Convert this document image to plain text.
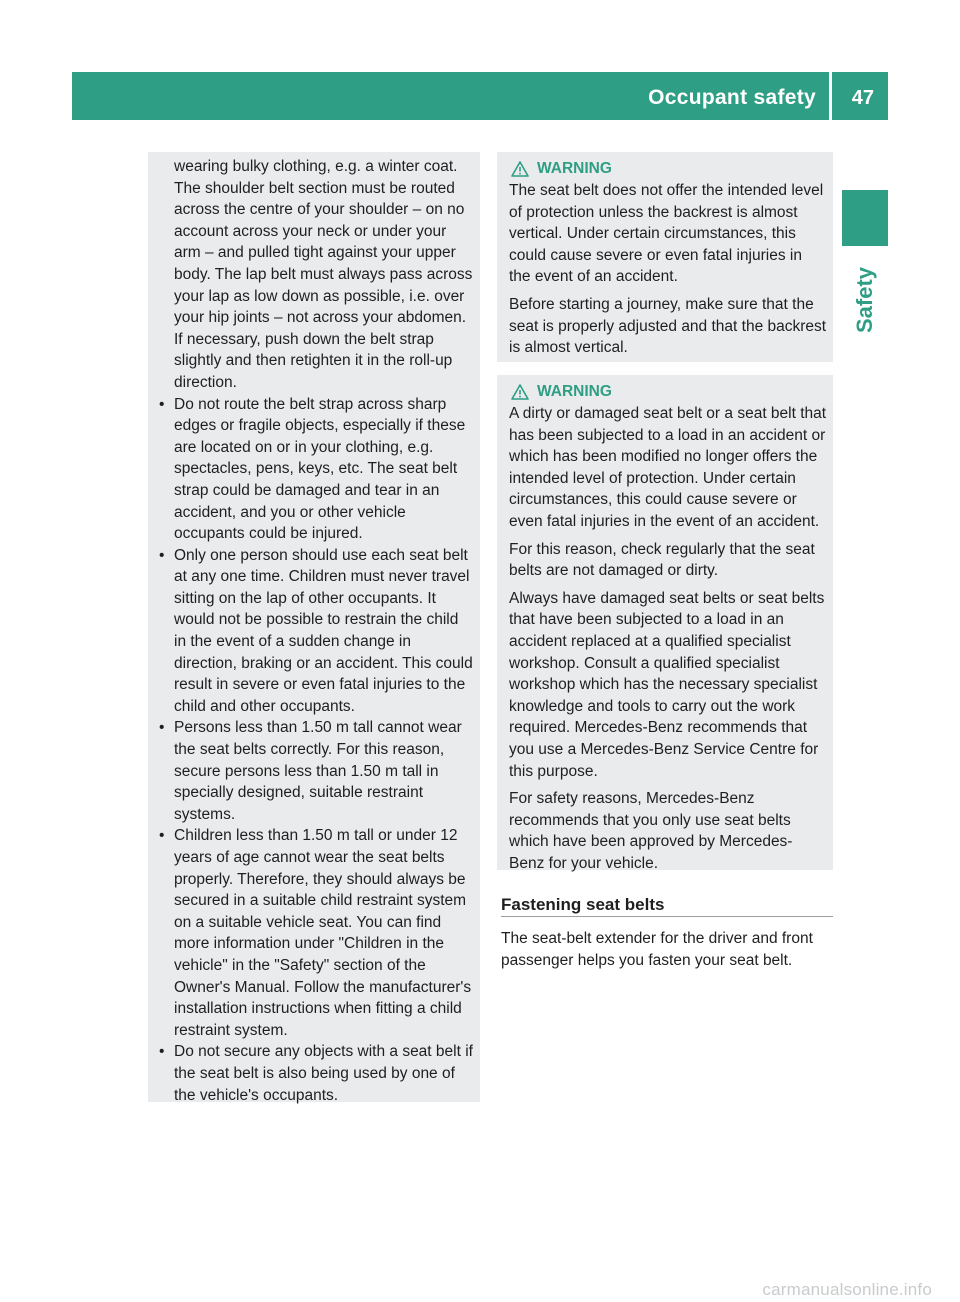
Occupant safety 47
Safety

wearing bulky clothing, e.g. a winter coat. The shoulder belt section must be routed across the centre of your shoulder – on no account across your neck or under your arm – and pulled tight against your upper body. The lap belt must always pass across your lap as low down as possible, i.e. over your hip joints – not across your abdomen. If necessary, push down the belt strap slightly and then retighten it in the roll-up direction.

• Do not route the belt strap across sharp edges or fragile objects, especially if these are located on or in your clothing, e.g. spectacles, pens, keys, etc. The seat belt strap could be damaged and tear in an accident, and you or other vehicle occupants could be injured.

• Only one person should use each seat belt at any one time. Children must never travel sitting on the lap of other occupants. It would not be possible to restrain the child in the event of a sudden change in direction, braking or an accident. This could result in severe or even fatal injuries to the child and other occupants.

• Persons less than 1.50 m tall cannot wear the seat belts correctly. For this reason, secure persons less than 1.50 m tall in specially designed, suitable restraint systems.

• Children less than 1.50 m tall or under 12 years of age cannot wear the seat belts properly. Therefore, they should always be secured in a suitable child restraint system on a suitable vehicle seat. You can find more information under "Children in the vehicle" in the "Safety" section of the Owner's Manual. Follow the manufacturer's installation instructions when fitting a child restraint system.

• Do not secure any objects with a seat belt if the seat belt is also being used by one of the vehicle's occupants.

WARNING

The seat belt does not offer the intended level of protection unless the backrest is almost vertical. Under certain circumstances, this could cause severe or even fatal injuries in the event of an accident.

Before starting a journey, make sure that the seat is properly adjusted and that the backrest is almost vertical.

WARNING

A dirty or damaged seat belt or a seat belt that has been subjected to a load in an accident or which has been modified no longer offers the intended level of protection. Under certain circumstances, this could cause severe or even fatal injuries in the event of an accident.

For this reason, check regularly that the seat belts are not damaged or dirty.

Always have damaged seat belts or seat belts that have been subjected to a load in an accident replaced at a qualified specialist workshop. Consult a qualified specialist workshop which has the necessary specialist knowledge and tools to carry out the work required. Mercedes-Benz recommends that you use a Mercedes-Benz Service Centre for this purpose.

For safety reasons, Mercedes-Benz recommends that you only use seat belts which have been approved by Mercedes-Benz for your vehicle.

Fastening seat belts

The seat-belt extender for the driver and front passenger helps you fasten your seat belt.

carmanualsonline.info
